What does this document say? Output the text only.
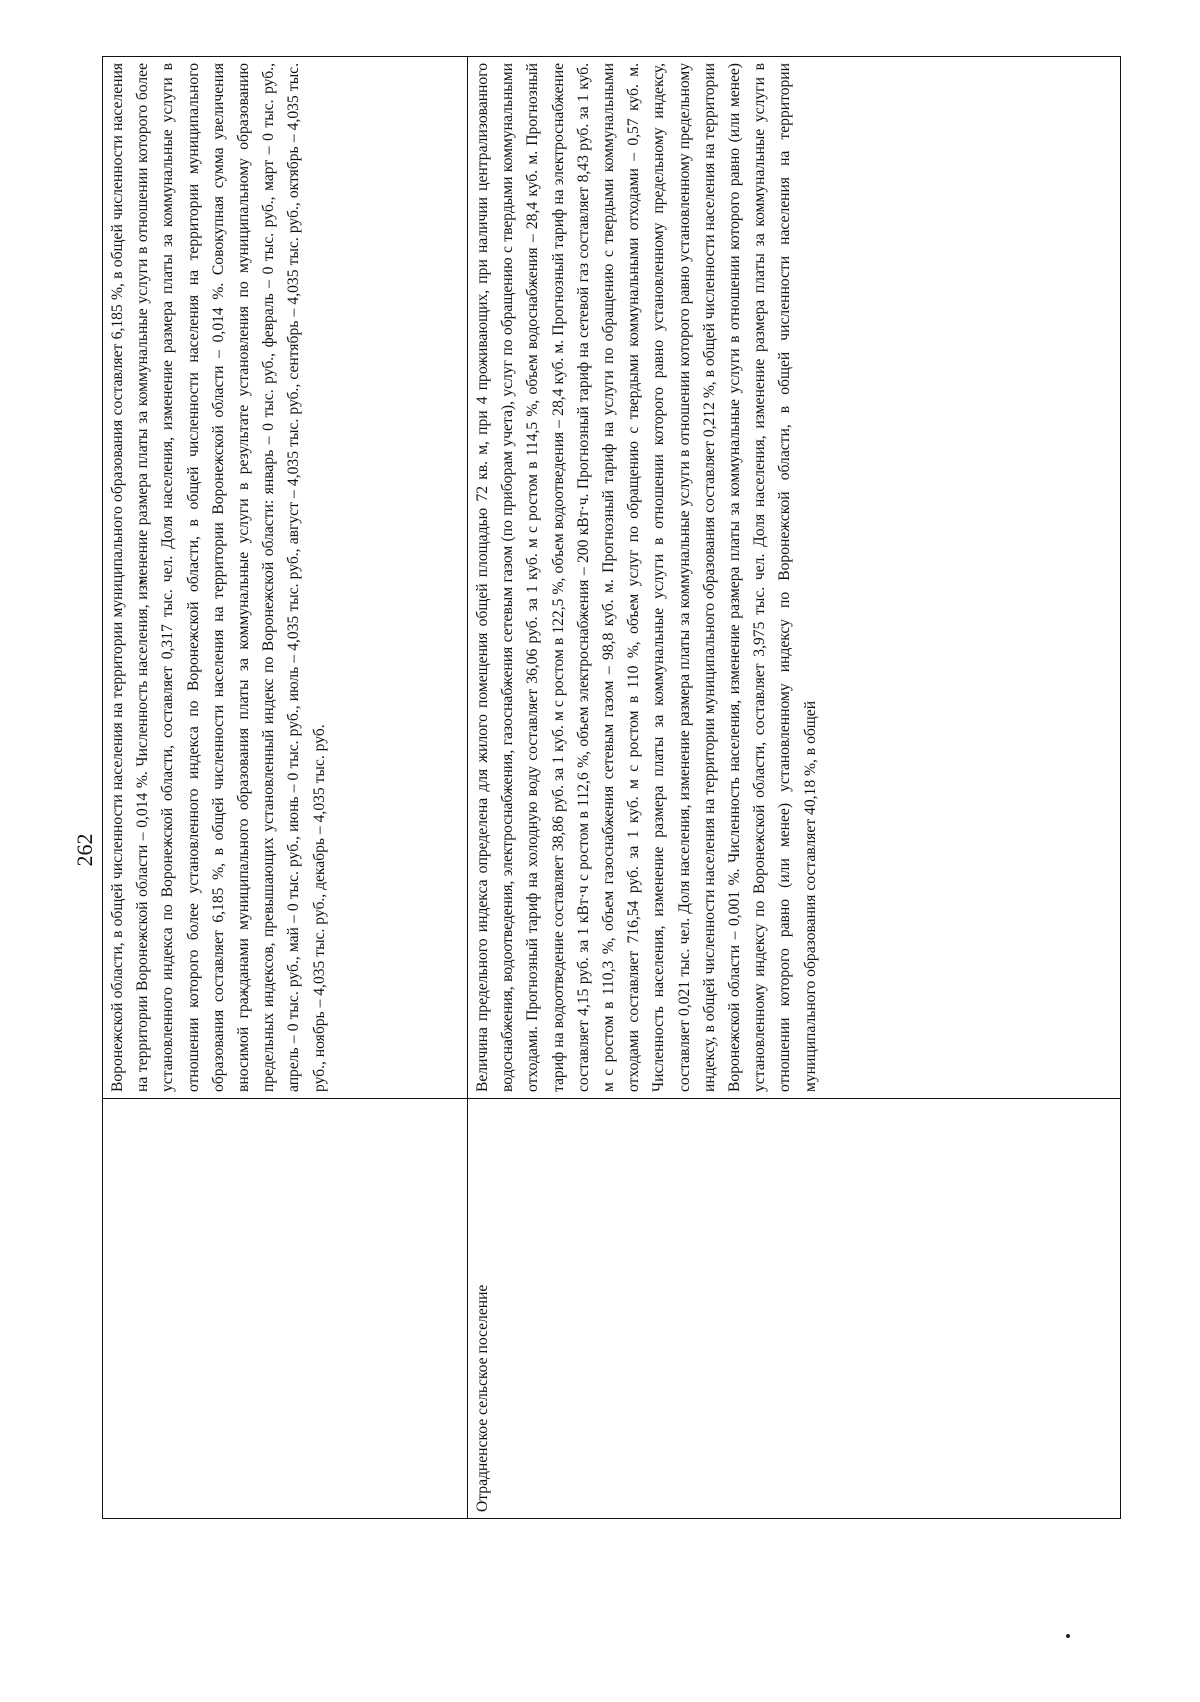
262
	Воронежской области, в общей численности населения на территории муниципального образования составляет 6,185 %, в общей численности населения на территории Воронежской области – 0,014 %. Численность населения, изменение размера платы за коммунальные услуги в отношении которого более установленного индекса по Воронежской области, составляет 0,317 тыс. чел. Доля населения, изменение размера платы за коммунальные услуги в отношении которого более установленного индекса по Воронежской области, в общей численности населения на территории муниципального образования составляет 6,185 %, в общей численности населения на территории Воронежской области – 0,014 %. Совокупная сумма увеличения вносимой гражданами муниципального образования платы за коммунальные услуги в результате установления по муниципальному образованию предельных индексов, превышающих установленный индекс по Воронежской области: январь – 0 тыс. руб., февраль – 0 тыс. руб., март – 0 тыс. руб., апрель – 0 тыс. руб., май – 0 тыс. руб., июнь – 0 тыс. руб., июль – 4,035 тыс. руб., август – 4,035 тыс. руб., сентябрь – 4,035 тыс. руб., октябрь – 4,035 тыс. руб., ноябрь – 4,035 тыс. руб., декабрь – 4,035 тыс. руб.
Отрадненское сельское поселение	Величина предельного индекса определена для жилого помещения общей площадью 72 кв. м, при 4 проживающих, при наличии централизованного водоснабжения, водоотведения, электроснабжения, газоснабжения сетевым газом (по приборам учета), услуг по обращению с твердыми коммунальными отходами. Прогнозный тариф на холодную воду составляет 36,06 руб. за 1 куб. м с ростом в 114,5 %, объем водоснабжения – 28,4 куб. м. Прогнозный тариф на водоотведение составляет 38,86 руб. за 1 куб. м с ростом в 122,5 %, объем водоотведения – 28,4 куб. м. Прогнозный тариф на электроснабжение составляет 4,15 руб. за 1 кВт·ч с ростом в 112,6 %, объем электроснабжения – 200 кВт·ч. Прогнозный тариф на сетевой газ составляет 8,43 руб. за 1 куб. м с ростом в 110,3 %, объем газоснабжения сетевым газом – 98,8 куб. м. Прогнозный тариф на услуги по обращению с твердыми коммунальными отходами составляет 716,54 руб. за 1 куб. м с ростом в 110 %, объем услуг по обращению с твердыми коммунальными отходами – 0,57 куб. м. Численность населения, изменение размера платы за коммунальные услуги в отношении которого равно установленному предельному индексу, составляет 0,021 тыс. чел. Доля населения, изменение размера платы за коммунальные услуги в отношении которого равно установленному предельному индексу, в общей численности населения на территории муниципального образования составляет 0,212 %, в общей численности населения на территории Воронежской области – 0,001 %. Численность населения, изменение размера платы за коммунальные услуги в отношении которого равно (или менее) установленному индексу по Воронежской области, составляет 3,975 тыс. чел. Доля населения, изменение размера платы за коммунальные услуги в отношении которого равно (или менее) установленному индексу по Воронежской области, в общей численности населения на территории муниципального образования составляет 40,18 %, в общей
